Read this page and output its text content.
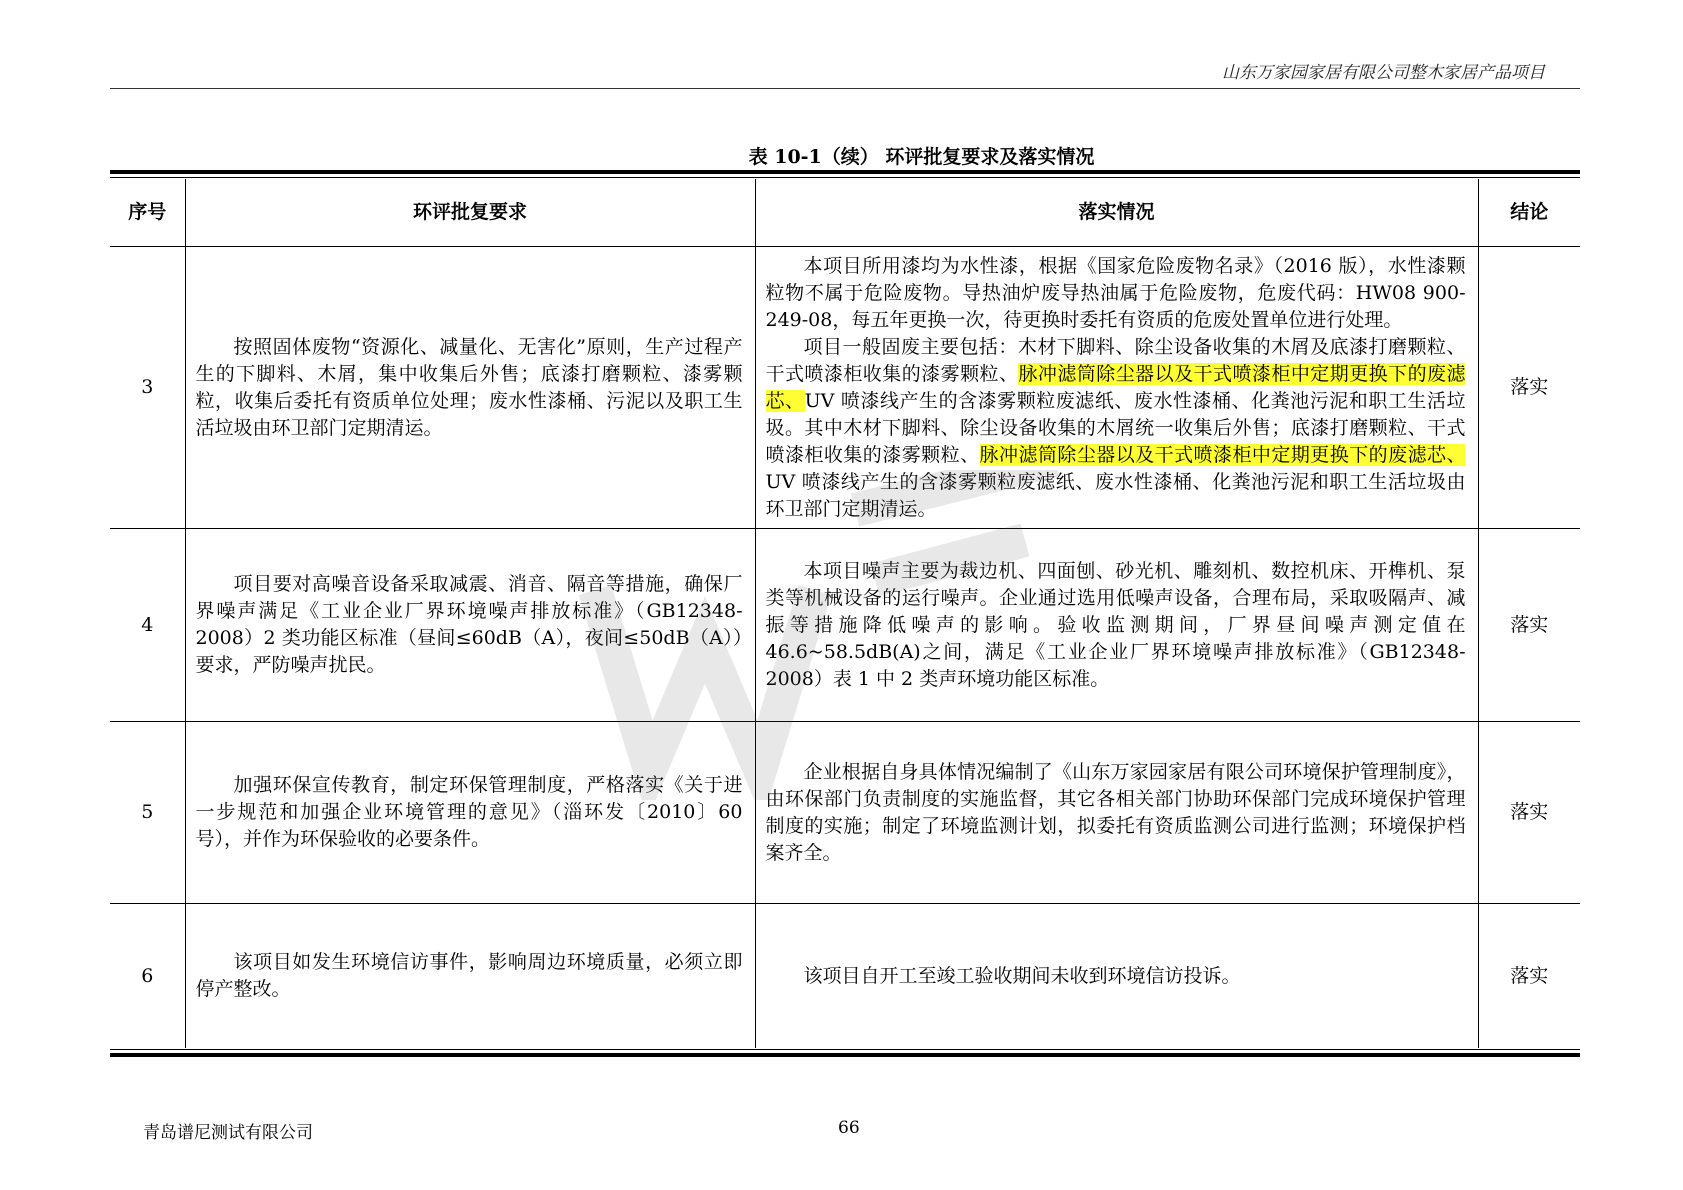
山东万家园家居有限公司整木家居产品项目
表 10-1（续） 环评批复要求及落实情况
序号	环评批复要求	落实情况	结论
3	按照固体废物“资源化、减量化、无害化”原则，生产过程产生的下脚料、木屑，集中收集后外售；底漆打磨颗粒、漆雾颗粒，收集后委托有资质单位处理；废水性漆桶、污泥以及职工生活垃圾由环卫部门定期清运。	本项目所用漆均为水性漆，根据《国家危险废物名录》（2016 版），水性漆颗粒物不属于危险废物。导热油炉废导热油属于危险废物，危废代码：HW08 900-249-08，每五年更换一次，待更换时委托有资质的危废处置单位进行处理。

项目一般固废主要包括：木材下脚料、除尘设备收集的木屑及底漆打磨颗粒、干式喷漆柜收集的漆雾颗粒、脉冲滤筒除尘器以及干式喷漆柜中定期更换下的废滤芯、UV 喷漆线产生的含漆雾颗粒废滤纸、废水性漆桶、化粪池污泥和职工生活垃圾。其中木材下脚料、除尘设备收集的木屑统一收集后外售；底漆打磨颗粒、干式喷漆柜收集的漆雾颗粒、脉冲滤筒除尘器以及干式喷漆柜中定期更换下的废滤芯、UV 喷漆线产生的含漆雾颗粒废滤纸、废水性漆桶、化粪池污泥和职工生活垃圾由环卫部门定期清运。	落实
4	项目要对高噪音设备采取减震、消音、隔音等措施，确保厂界噪声满足《工业企业厂界环境噪声排放标准》（GB12348-2008）2 类功能区标准（昼间≤60dB（A），夜间≤50dB（A））要求，严防噪声扰民。	本项目噪声主要为裁边机、四面刨、砂光机、雕刻机、数控机床、开榫机、泵类等机械设备的运行噪声。企业通过选用低噪声设备，合理布局，采取吸隔声、减振等措施降低噪声的影响。验收监测期间，厂界昼间噪声测定值在 46.6~58.5dB(A)之间，满足《工业企业厂界环境噪声排放标准》（GB12348-2008）表 1 中 2 类声环境功能区标准。	落实
5	加强环保宣传教育，制定环保管理制度，严格落实《关于进一步规范和加强企业环境管理的意见》（淄环发〔2010〕60 号），并作为环保验收的必要条件。	企业根据自身具体情况编制了《山东万家园家居有限公司环境保护管理制度》，由环保部门负责制度的实施监督，其它各相关部门协助环保部门完成环境保护管理制度的实施；制定了环境监测计划，拟委托有资质监测公司进行监测；环境保护档案齐全。	落实
6	该项目如发生环境信访事件，影响周边环境质量，必须立即停产整改。	该项目自开工至竣工验收期间未收到环境信访投诉。	落实
青岛谱尼测试有限公司	66
